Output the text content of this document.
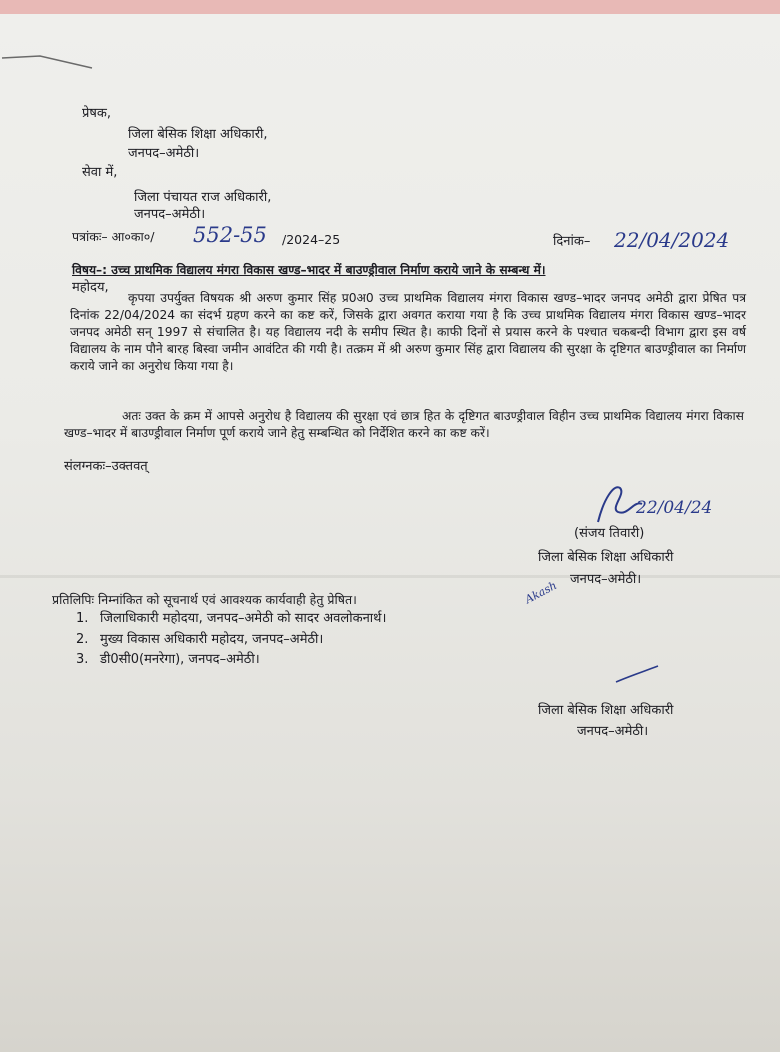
प्रेषक,
जिला बेसिक शिक्षा अधिकारी,
जनपद–अमेठी।
सेवा में,
जिला पंचायत राज अधिकारी,
जनपद–अमेठी।
पत्रांकः– आ०का०/ 552-55 /2024–25	दिनांक– 22/04/2024
विषय–: उच्च प्राथमिक विद्यालय मंगरा विकास खण्ड–भादर में बाउण्ड्रीवाल निर्माण कराये जाने के सम्बन्ध में।
महोदय,
कृपया उपर्युक्त विषयक श्री अरुण कुमार सिंह प्र0अ0 उच्च प्राथमिक विद्यालय मंगरा विकास खण्ड–भादर जनपद अमेठी द्वारा प्रेषित पत्र दिनांक 22/04/2024 का संदर्भ ग्रहण करने का कष्ट करें, जिसके द्वारा अवगत कराया गया है कि उच्च प्राथमिक विद्यालय मंगरा विकास खण्ड–भादर जनपद अमेठी सन् 1997 से संचालित है। यह विद्यालय नदी के समीप स्थित है। काफी दिनों से प्रयास करने के पश्चात चकबन्दी विभाग द्वारा इस वर्ष विद्यालय के नाम पौने बारह बिस्वा जमीन आवंटित की गयी है। तत्क्रम में श्री अरुण कुमार सिंह द्वारा विद्यालय की सुरक्षा के दृष्टिगत बाउण्ड्रीवाल का निर्माण कराये जाने का अनुरोध किया गया है।
अतः उक्त के क्रम में आपसे अनुरोध है विद्यालय की सुरक्षा एवं छात्र हित के दृष्टिगत बाउण्ड्रीवाल विहीन उच्च प्राथमिक विद्यालय मंगरा विकास खण्ड–भादर में बाउण्ड्रीवाल निर्माण पूर्ण कराये जाने हेतु सम्बन्धित को निर्देशित करने का कष्ट करें।
संलग्नकः–उक्तवत्
22/04/24
(संजय तिवारी)
जिला बेसिक शिक्षा अधिकारी
जनपद–अमेठी।
Akash
प्रतिलिपिः निम्नांकित को सूचनार्थ एवं आवश्यक कार्यवाही हेतु प्रेषित।
1. जिलाधिकारी महोदया, जनपद–अमेठी को सादर अवलोकनार्थ।
2. मुख्य विकास अधिकारी महोदय, जनपद–अमेठी।
3. डी0सी0(मनरेगा), जनपद–अमेठी।
जिला बेसिक शिक्षा अधिकारी
जनपद–अमेठी।
